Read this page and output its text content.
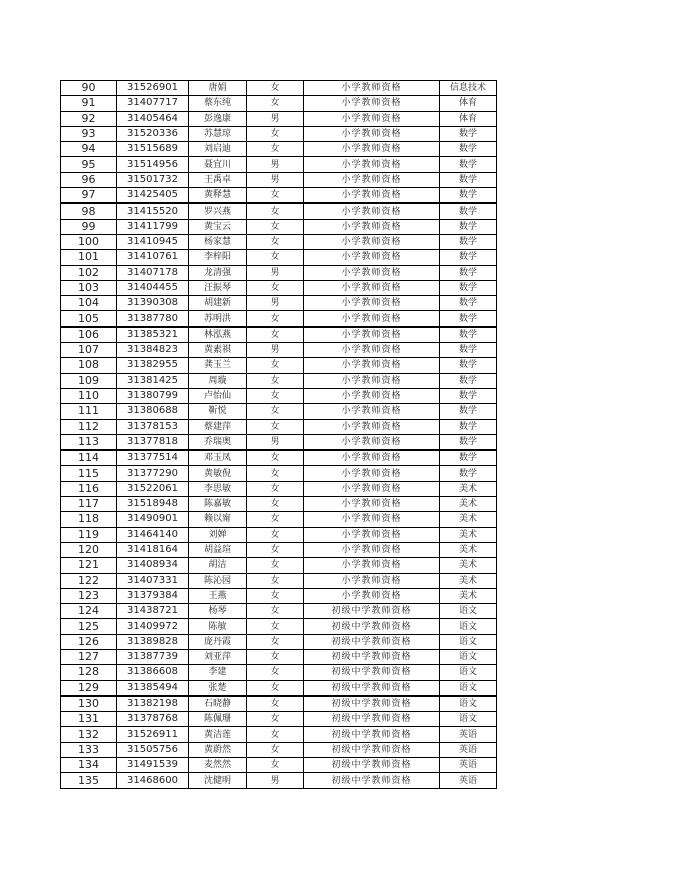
90	31526901	唐娟	女	小学教师资格	信息技术
91	31407717	蔡东纯	女	小学教师资格	体育
92	31405464	彭逸康	男	小学教师资格	体育
93	31520336	苏慧琼	女	小学教师资格	数学
94	31515689	刘启迪	女	小学教师资格	数学
95	31514956	聂宜川	男	小学教师资格	数学
96	31501732	王禹卓	男	小学教师资格	数学
97	31425405	黄释慧	女	小学教师资格	数学
98	31415520	罗兴燕	女	小学教师资格	数学
99	31411799	黄宝云	女	小学教师资格	数学
100	31410945	杨家慧	女	小学教师资格	数学
101	31410761	李梓阳	女	小学教师资格	数学
102	31407178	龙清强	男	小学教师资格	数学
103	31404455	汪振琴	女	小学教师资格	数学
104	31390308	胡建新	男	小学教师资格	数学
105	31387780	苏明洪	女	小学教师资格	数学
106	31385321	林泓燕	女	小学教师资格	数学
107	31384823	黄素祺	男	小学教师资格	数学
108	31382955	龚玉兰	女	小学教师资格	数学
109	31381425	周璇	女	小学教师资格	数学
110	31380799	卢怡仙	女	小学教师资格	数学
111	31380688	靳悦	女	小学教师资格	数学
112	31378153	蔡建萍	女	小学教师资格	数学
113	31377818	乔瑞奥	男	小学教师资格	数学
114	31377514	邓玉凤	女	小学教师资格	数学
115	31377290	黄敏倪	女	小学教师资格	数学
116	31522061	李思敏	女	小学教师资格	美术
117	31518948	陈嘉敏	女	小学教师资格	美术
118	31490901	赖以甯	女	小学教师资格	美术
119	31464140	刘婵	女	小学教师资格	美术
120	31418164	胡益瑄	女	小学教师资格	美术
121	31408934	胡洁	女	小学教师资格	美术
122	31407331	陈沁园	女	小学教师资格	美术
123	31379384	王燕	女	小学教师资格	美术
124	31438721	杨琴	女	初级中学教师资格	语文
125	31409972	陈敏	女	初级中学教师资格	语文
126	31389828	庞丹霞	女	初级中学教师资格	语文
127	31387739	刘亚萍	女	初级中学教师资格	语文
128	31386608	李建	女	初级中学教师资格	语文
129	31385494	张楚	女	初级中学教师资格	语文
130	31382198	石晓静	女	初级中学教师资格	语文
131	31378768	陈佩珊	女	初级中学教师资格	语文
132	31526911	黄洁莲	女	初级中学教师资格	英语
133	31505756	黄蔚然	女	初级中学教师资格	英语
134	31491539	麦然然	女	初级中学教师资格	英语
135	31468600	沈健明	男	初级中学教师资格	英语
